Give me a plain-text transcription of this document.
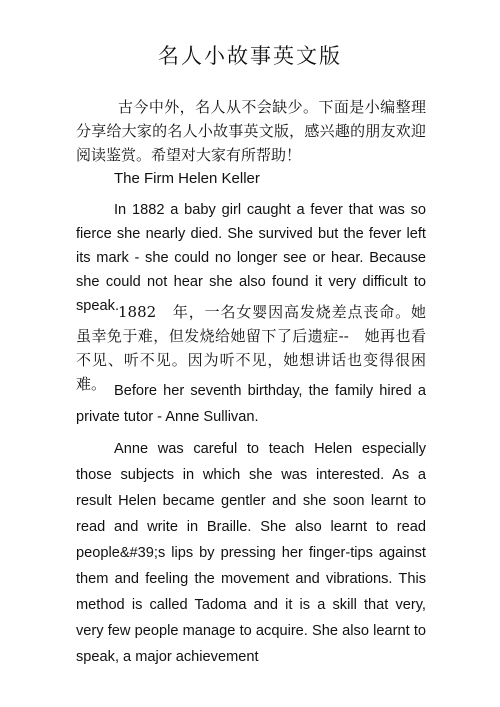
名人小故事英文版

古今中外，名人从不会缺少。下面是小编整理分享给大家的名人小故事英文版，感兴趣的朋友欢迎阅读鉴赏。希望对大家有所帮助！

The Firm Helen Keller

In 1882 a baby girl caught a fever that was so fierce she nearly died. She survived but the fever left its mark - she could no longer see or hear. Because she could not hear she also found it very difficult to speak. 1882　年，一名女婴因高发烧差点丧命。她虽幸免于难，但发烧给她留下了后遗症--　她再也看不见、听不见。因为听不见，她想讲话也变得很困难。 Before her seventh birthday, the family hired a private tutor - Anne Sullivan.

Anne was careful to teach Helen especially those subjects in which she was interested. As a result Helen became gentler and she soon learnt to read and write in Braille. She also learnt to read people&#39;s lips by pressing her finger-tips against them and feeling the movement and vibrations. This method is called Tadoma and it is a skill that very, very few people manage to acquire. She also learnt to speak, a major achievement
